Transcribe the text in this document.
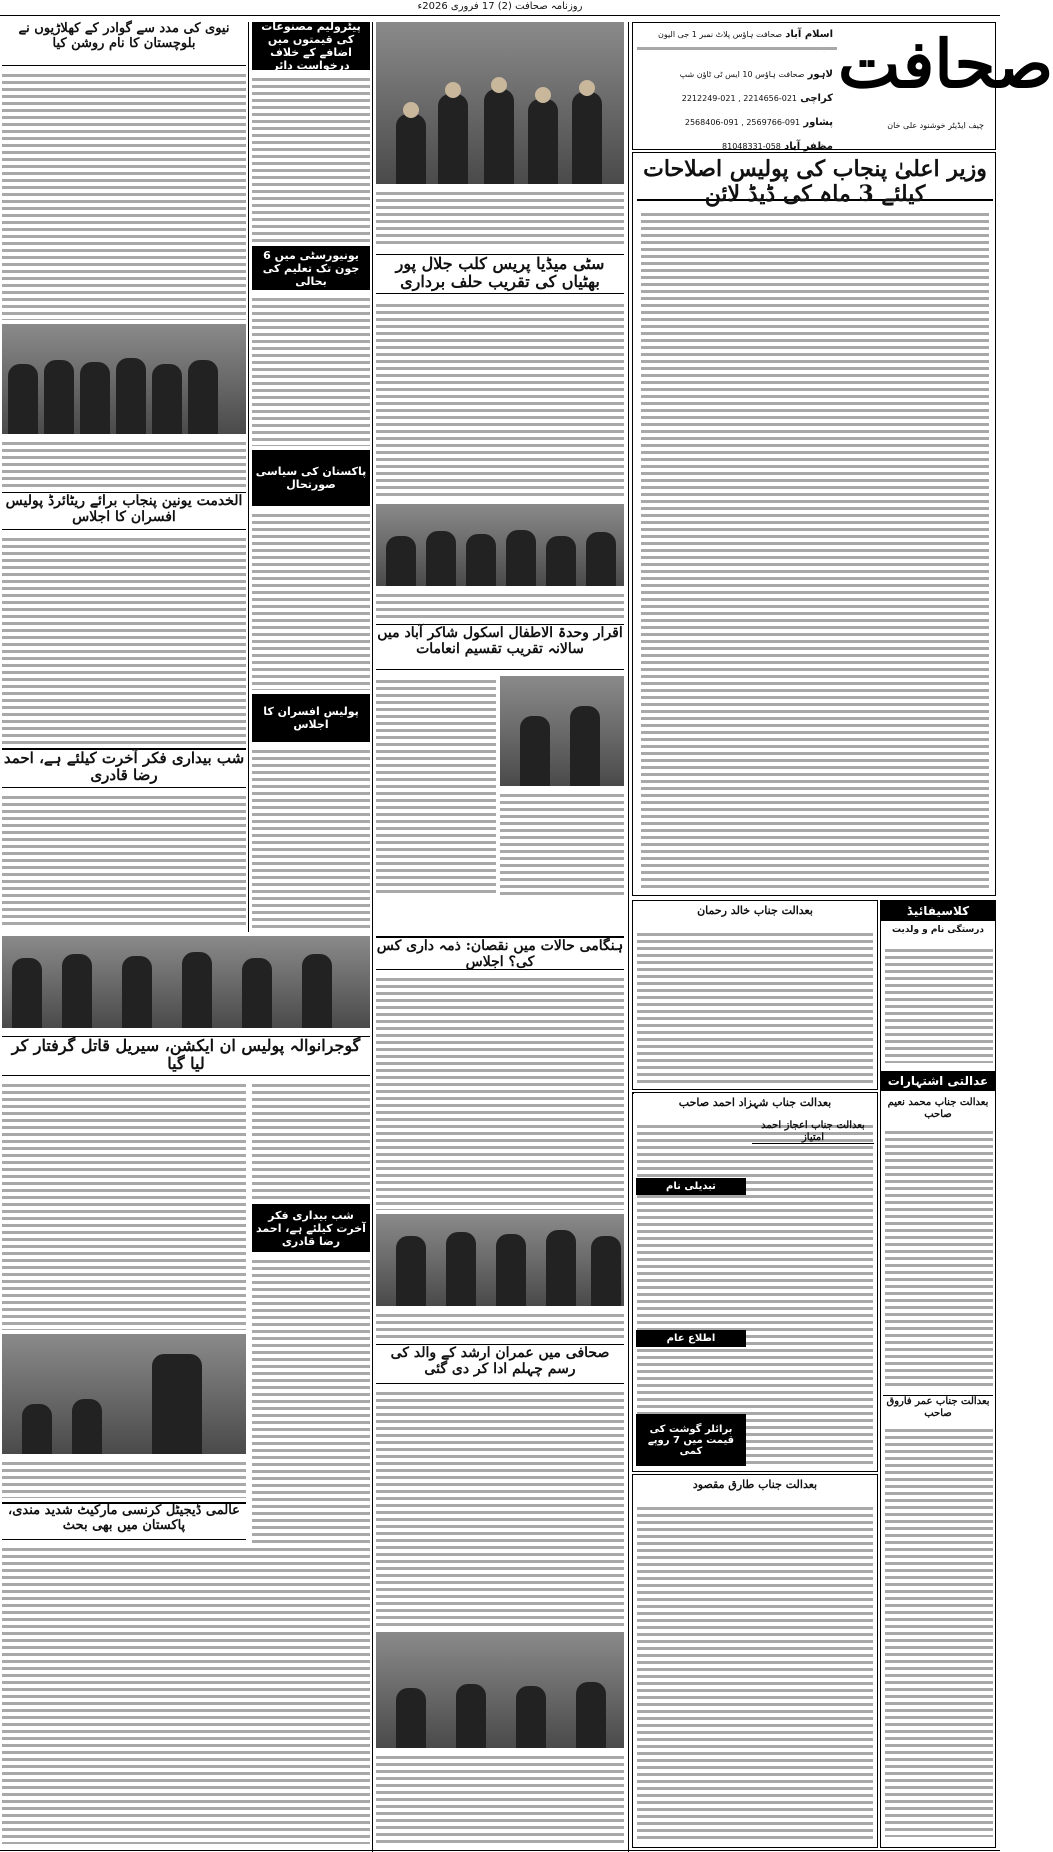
روزنامہ صحافت (2) 17 فروری 2026ء
صحافت
چیف ایڈیٹر خوشنود علی خان
اسلام آباد صحافت ہاؤس پلاٹ نمبر 1 جی الیون
لاہور صحافت ہاؤس 10 ایس ٹی ٹاؤن شپ
کراچی 021-2214656 , 021-2212249
پشاور 091-2569766 , 091-2568406
مظفر آباد 058-81048331
وزیر اعلیٰ پنجاب کی پولیس اصلاحات کیلئے 3 ماہ کی ڈیڈ لائن
سٹی میڈیا پریس کلب جلال پور بھٹیاں کی تقریب حلف برداری
اقرار وحدۃ الاطفال اسکول شاکر آباد میں سالانہ تقریب تقسیم انعامات
پیٹرولیم مصنوعات کی قیمتوں میں اضافے کے خلاف درخواست دائر
یونیورسٹی میں 6 جون تک تعلیم کی بحالی
پاکستان کی سیاسی صورتحال
پولیس افسران کا اجلاس
نیوی کی مدد سے گوادر کے کھلاڑیوں نے بلوچستان کا نام روشن کیا
الخدمت یونین پنجاب برائے ریٹائرڈ پولیس افسران کا اجلاس
شب بیداری فکر آخرت کیلئے ہے، احمد رضا قادری
گوجرانوالہ پولیس ان ایکشن، سیریل قاتل گرفتار کر لیا گیا
شب بیداری فکر آخرت کیلئے ہے، احمد رضا قادری
عالمی ڈیجیٹل کرنسی مارکیٹ شدید مندی، پاکستان میں بھی بحث
ہنگامی حالات میں نقصان: ذمہ داری کس کی؟ اجلاس
صحافی میں عمران ارشد کے والد کی رسم چہلم ادا کر دی گئی
بعدالت جناب خالد رحمان
بعدالت جناب شہزاد احمد صاحب
بعدالت جناب طارق مقصود
کلاسیفائیڈ
درستگی نام و ولدیت
عدالتی اشتہارات
بعدالت جناب محمد نعیم صاحب
بعدالت جناب عمر فاروق صاحب
تبدیلی نام
اطلاع عام
برائلر گوشت کی قیمت میں 7 روپے کمی
بعدالت جناب اعجاز احمد امتیاز
